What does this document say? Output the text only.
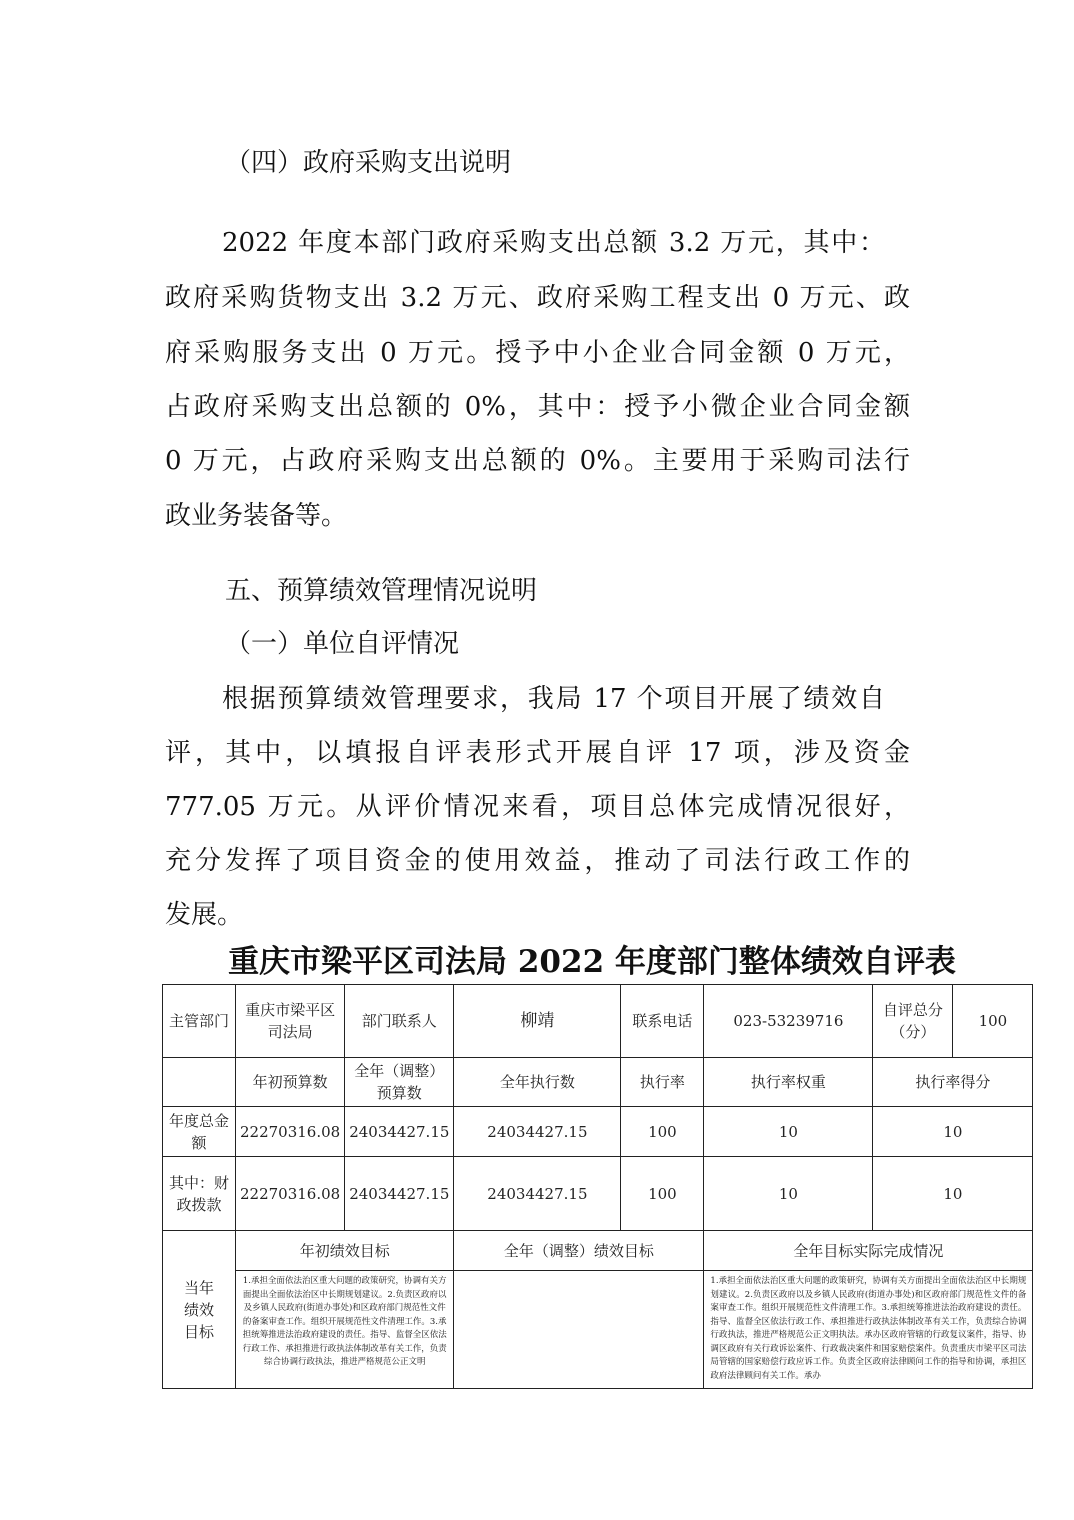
（四）政府采购支出说明
2022 年度本部门政府采购支出总额 3.2 万元，其中：
政府采购货物支出 3.2 万元、政府采购工程支出 0 万元、政
府采购服务支出 0 万元。授予中小企业合同金额 0 万元，
占政府采购支出总额的 0%，其中：授予小微企业合同金额
0 万元，占政府采购支出总额的 0%。主要用于采购司法行
政业务装备等。
五、预算绩效管理情况说明
（一）单位自评情况
根据预算绩效管理要求，我局 17 个项目开展了绩效自
评，其中，以填报自评表形式开展自评 17 项，涉及资金
777.05 万元。从评价情况来看，项目总体完成情况很好，
充分发挥了项目资金的使用效益，推动了司法行政工作的
发展。
重庆市梁平区司法局 2022 年度部门整体绩效自评表
主管部门	重庆市梁平区司法局	部门联系人	柳靖	联系电话	023-53239716	自评总分（分）	100
	年初预算数	全年（调整）预算数	全年执行数	执行率	执行率权重	执行率得分	
年度总金额	22270316.08	24034427.15	24034427.15	100	10	10	
其中：财政拨款	22270316.08	24034427.15	24034427.15	100	10	10	
当年绩效目标	年初绩效目标		全年（调整）绩效目标		全年目标实际完成情况		
	1.承担全面依法治区重大问题的政策研究，协调有关方面提出全面依法治区中长期规划建议。2.负责区政府以及乡镇人民政府(街道办事处)和区政府部门规范性文件的备案审查工作。组织开展规范性文件清理工作。3.承担统筹推进法治政府建设的责任。指导、监督全区依法行政工作、承担推进行政执法体制改革有关工作，负责综合协调行政执法，推进严格规范公正文明				1.承担全面依法治区重大问题的政策研究，协调有关方面提出全面依法治区中长期规划建议。2.负责区政府以及乡镇人民政府(街道办事处)和区政府部门规范性文件的备案审查工作。组织开展规范性文件清理工作。3.承担统筹推进法治政府建设的责任。指导、监督全区依法行政工作、承担推进行政执法体制改革有关工作，负责综合协调行政执法，推进严格规范公正文明执法。承办区政府管辖的行政复议案件，指导、协调区政府有关行政诉讼案件、行政裁决案件和国家赔偿案件。负责重庆市梁平区司法局管辖的国家赔偿行政应诉工作。负责全区政府法律顾问工作的指导和协调，承担区政府法律顾问有关工作。承办		
